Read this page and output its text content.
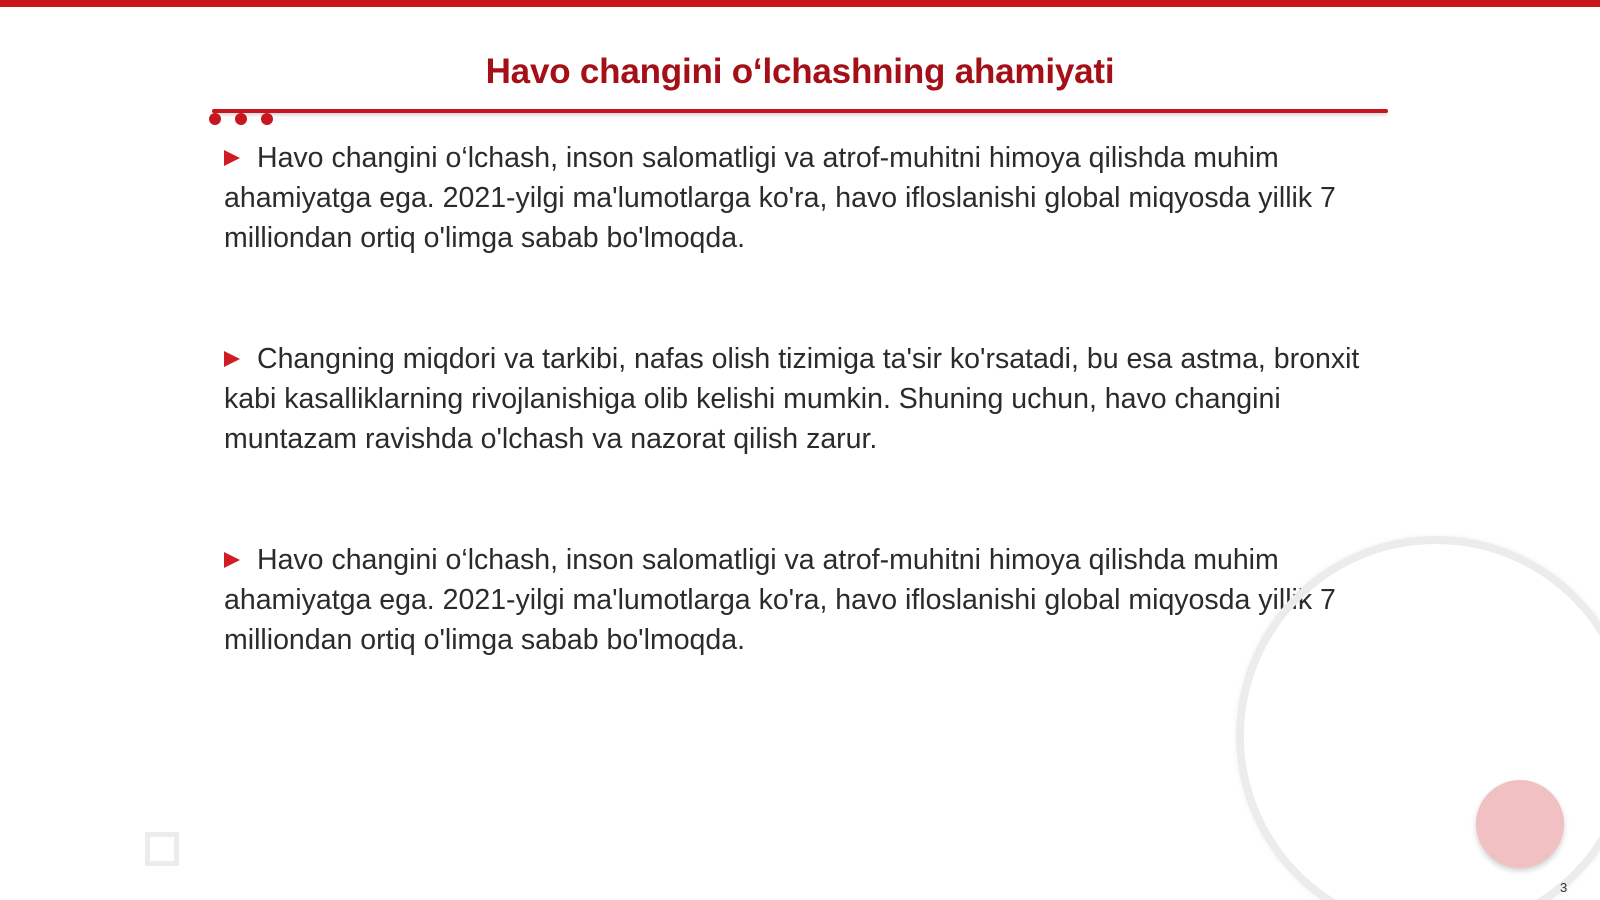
Havo changini o‘lchashning ahamiyati

Havo changini o‘lchash, inson salomatligi va atrof-muhitni himoya qilishda muhim ahamiyatga ega. 2021-yilgi ma'lumotlarga ko'ra, havo ifloslanishi global miqyosda yillik 7 milliondan ortiq o'limga sabab bo'lmoqda.

Changning miqdori va tarkibi, nafas olish tizimiga ta'sir ko'rsatadi, bu esa astma, bronxit kabi kasalliklarning rivojlanishiga olib kelishi mumkin. Shuning uchun, havo changini muntazam ravishda o'lchash va nazorat qilish zarur.

Havo changini o‘lchash, inson salomatligi va atrof-muhitni himoya qilishda muhim ahamiyatga ega. 2021-yilgi ma'lumotlarga ko'ra, havo ifloslanishi global miqyosda yillik 7 milliondan ortiq o'limga sabab bo'lmoqda.

3
